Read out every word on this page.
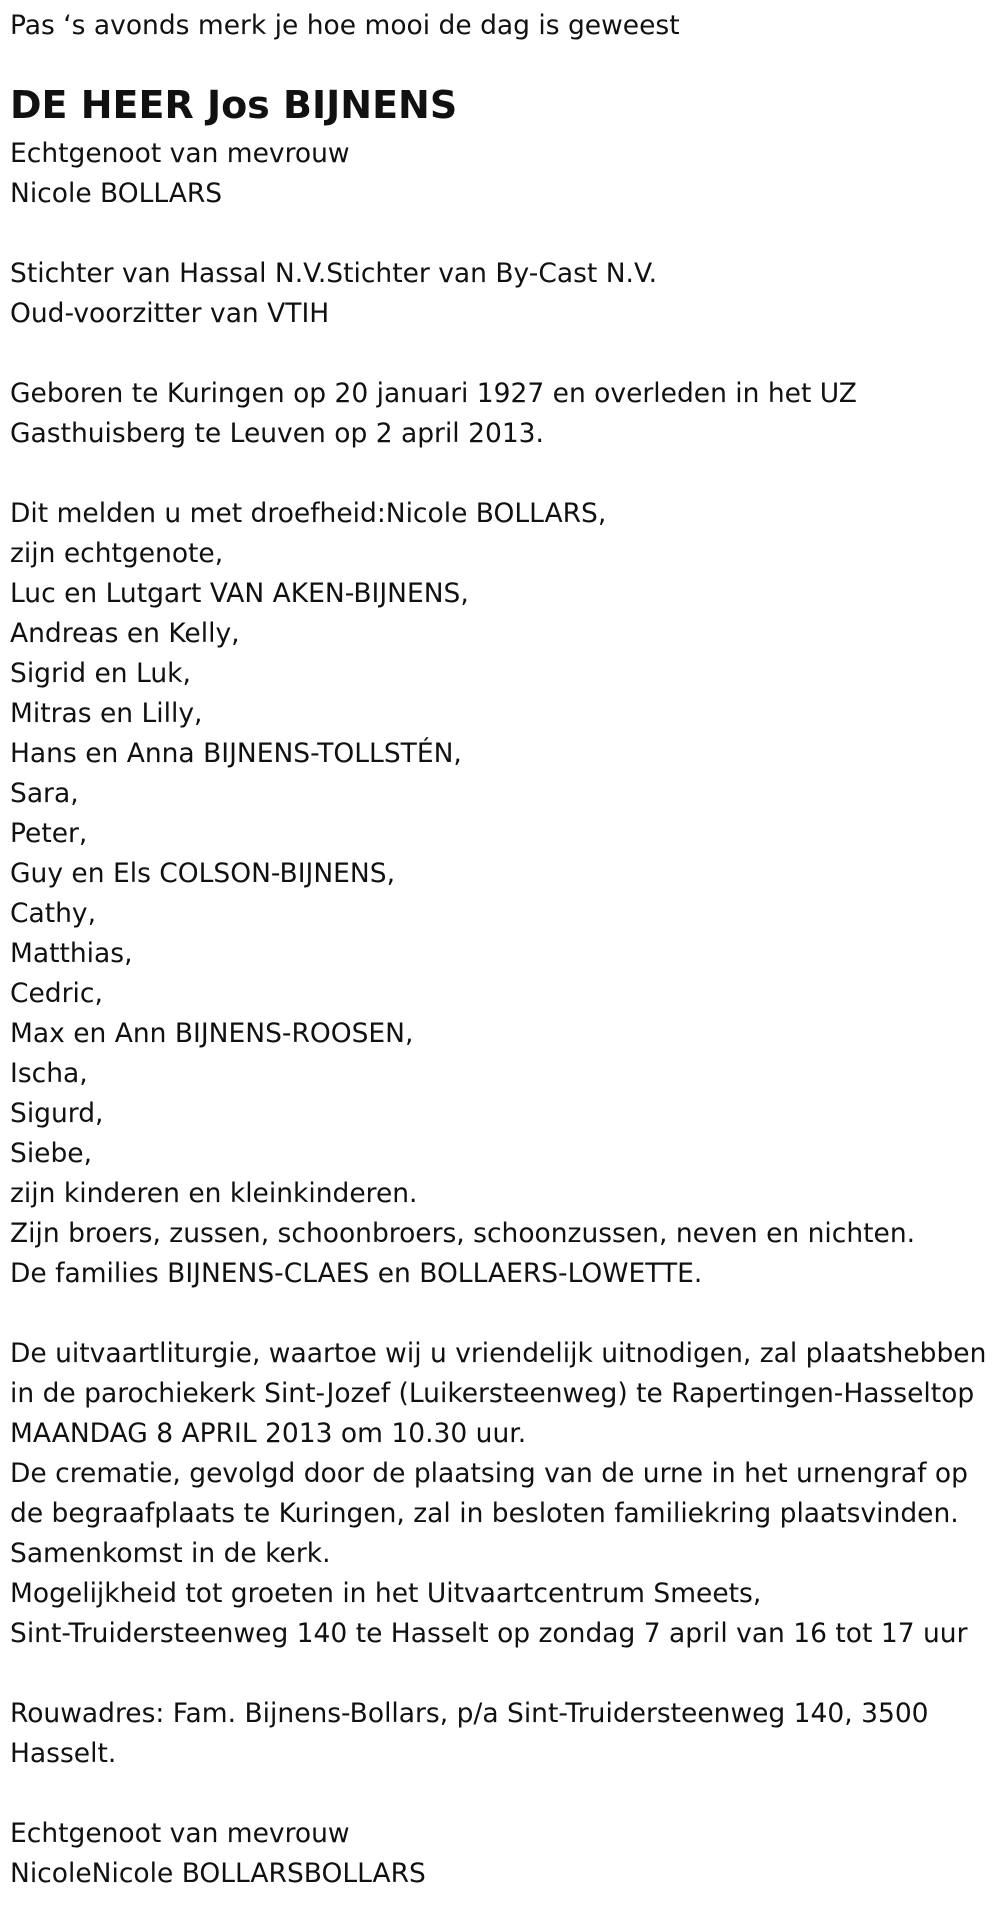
Pas ‘s avonds merk je hoe mooi de dag is geweest

DE HEER Jos BIJNENS

Echtgenoot van mevrouw

Nicole BOLLARS

Stichter van Hassal N.V.Stichter van By-Cast N.V.

Oud-voorzitter van VTIH

Geboren te Kuringen op 20 januari 1927 en overleden in het UZ

Gasthuisberg te Leuven op 2 april 2013.

Dit melden u met droefheid:Nicole BOLLARS,

zijn echtgenote,

Luc en Lutgart VAN AKEN-BIJNENS,

Andreas en Kelly,

Sigrid en Luk,

Mitras en Lilly,

Hans en Anna BIJNENS-TOLLSTÉN,

Sara,

Peter,

Guy en Els COLSON-BIJNENS,

Cathy,

Matthias,

Cedric,

Max en Ann BIJNENS-ROOSEN,

Ischa,

Sigurd,

Siebe,

zijn kinderen en kleinkinderen.

Zijn broers, zussen, schoonbroers, schoonzussen, neven en nichten.

De families BIJNENS-CLAES en BOLLAERS-LOWETTE.

De uitvaartliturgie, waartoe wij u vriendelijk uitnodigen, zal plaatshebben

in de parochiekerk Sint-Jozef (Luikersteenweg) te Rapertingen-Hasseltop

MAANDAG 8 APRIL 2013 om 10.30 uur.

De crematie, gevolgd door de plaatsing van de urne in het urnengraf op

de begraafplaats te Kuringen, zal in besloten familiekring plaatsvinden.

Samenkomst in de kerk.

Mogelijkheid tot groeten in het Uitvaartcentrum Smeets,

Sint-Truidersteenweg 140 te Hasselt op zondag 7 april van 16 tot 17 uur

Rouwadres: Fam. Bijnens-Bollars, p/a Sint-Truidersteenweg 140, 3500

Hasselt.

Echtgenoot van mevrouw

NicoleNicole BOLLARSBOLLARS
